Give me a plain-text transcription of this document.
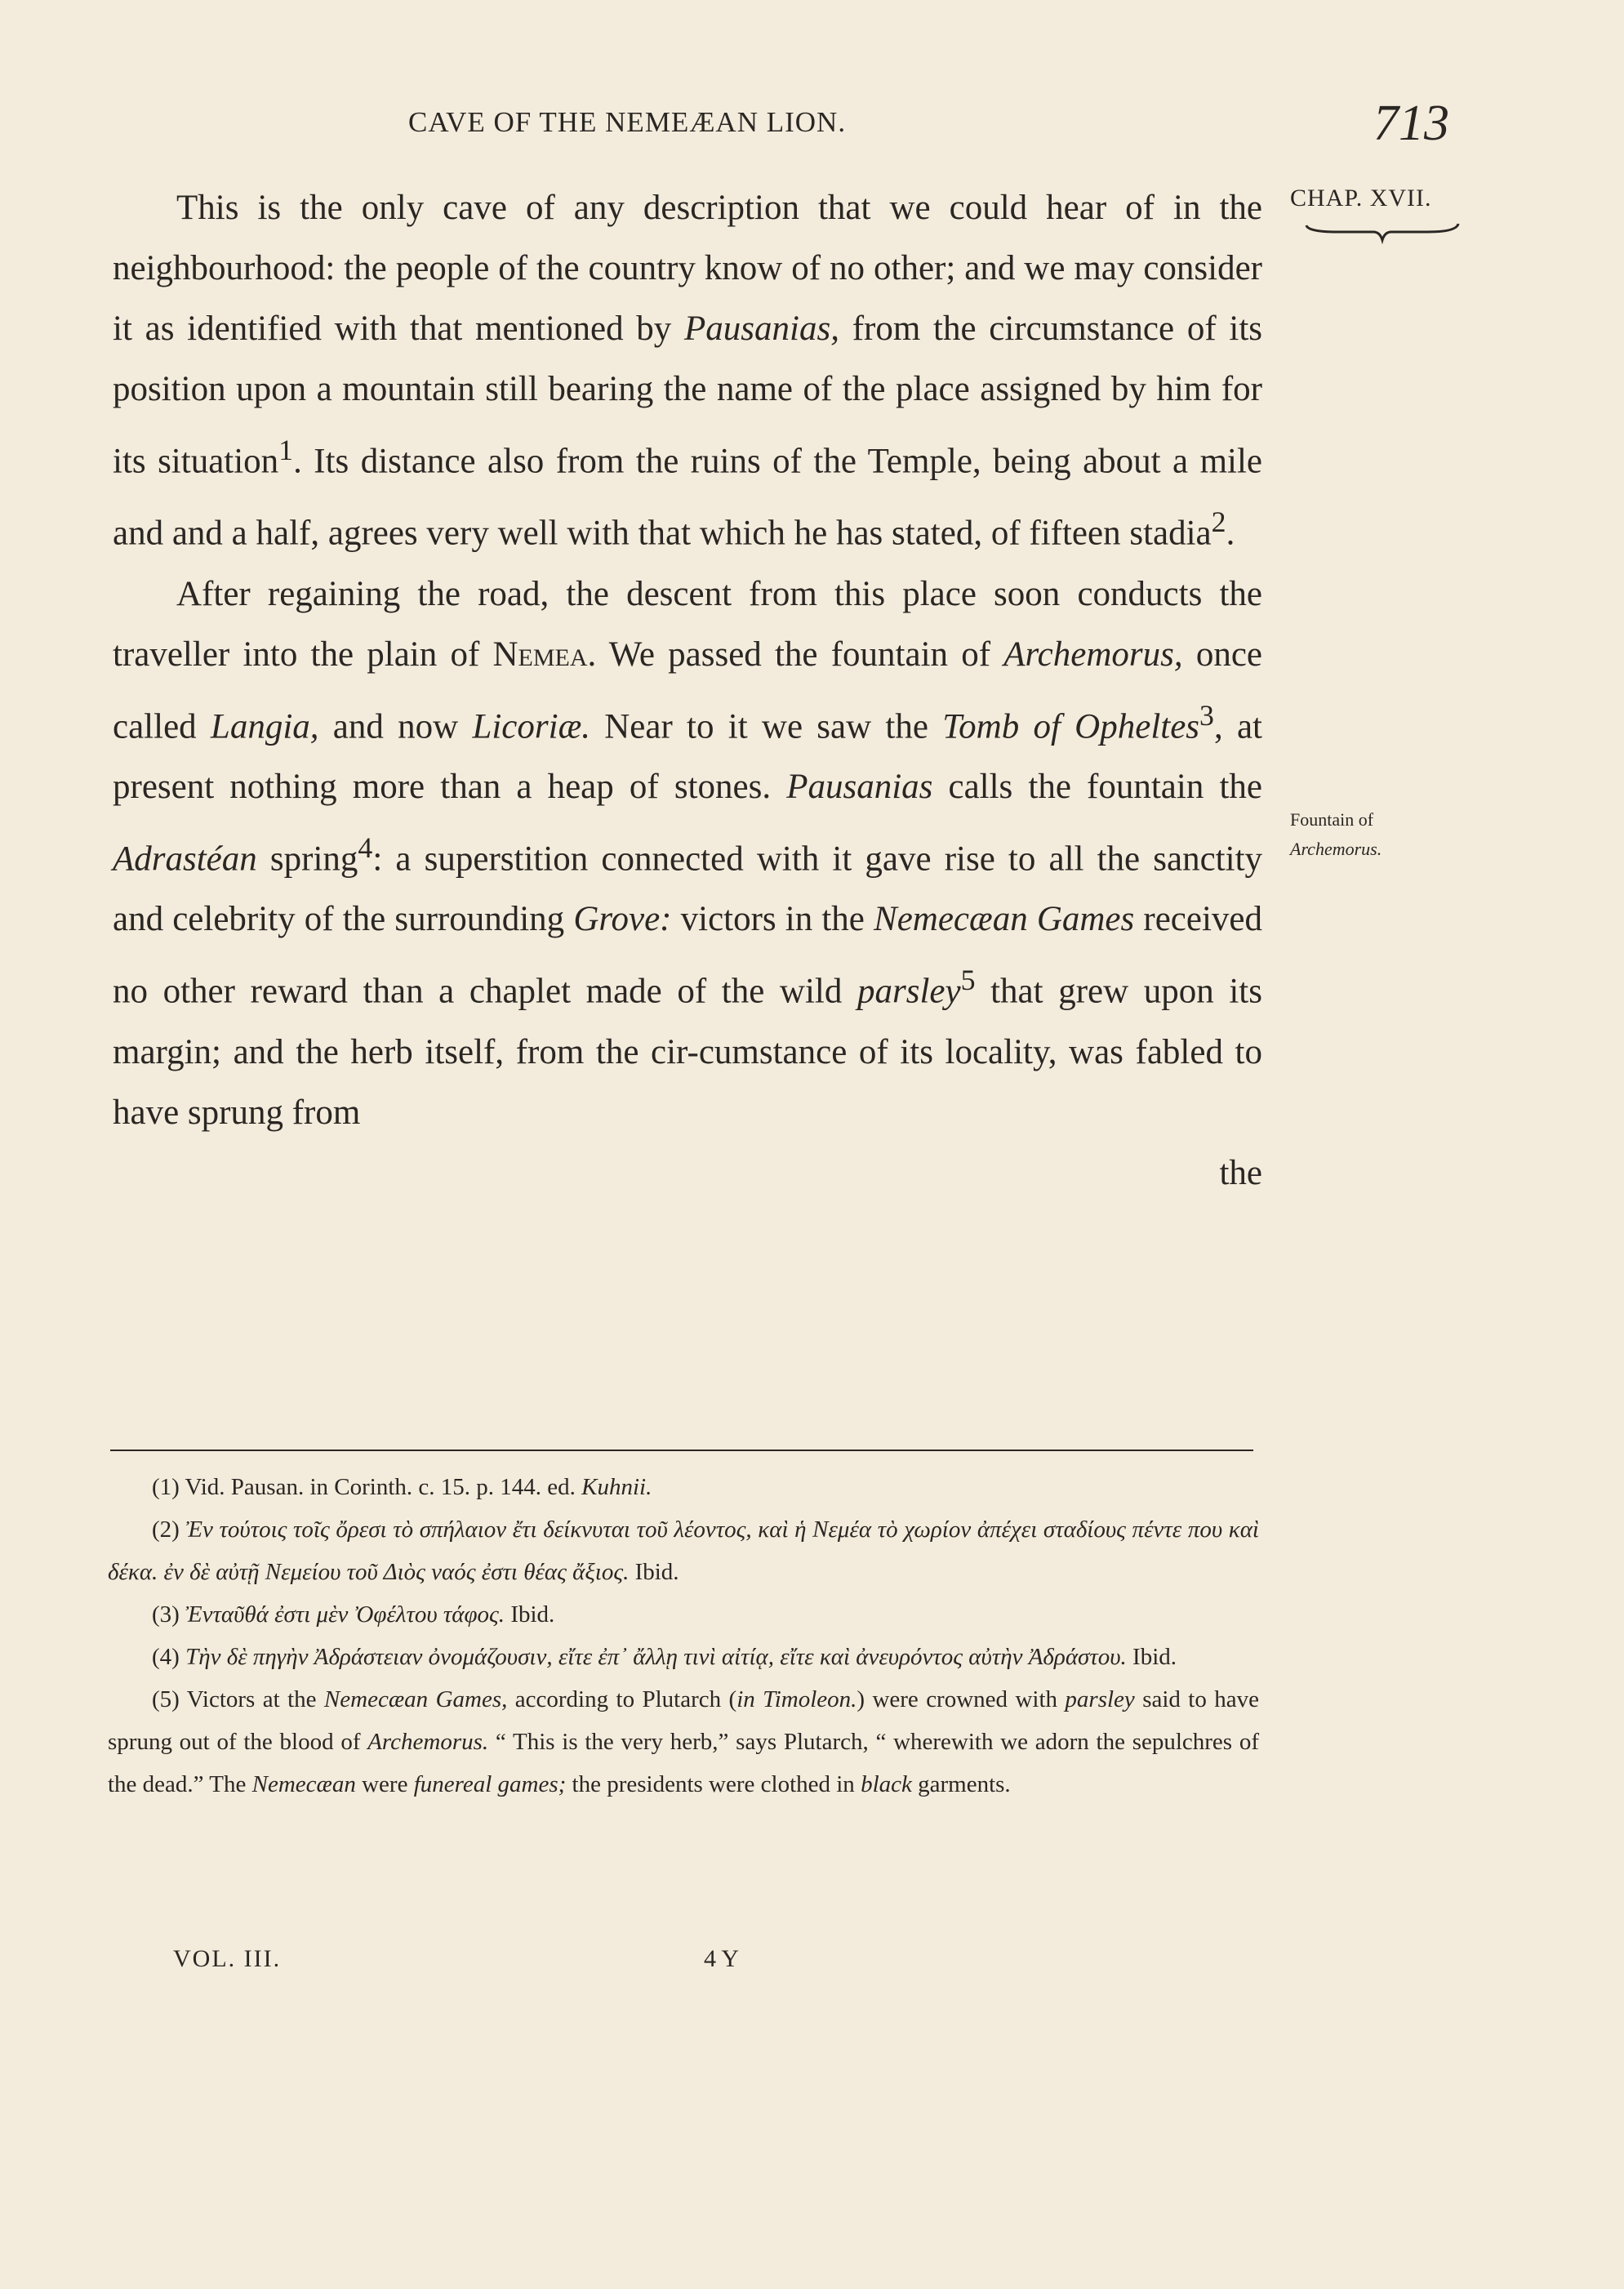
CAVE OF THE NEMEÆAN LION.	713
CHAP. XVII.

This is the only cave of any description that we could hear of in the neighbourhood: the people of the country know of no other; and we may consider it as identified with that mentioned by Pausanias, from the circumstance of its position upon a mountain still bearing the name of the place assigned by him for its situation$^1$. Its distance also from the ruins of the Temple, being about a mile and and a half, agrees very well with that which he has stated, of fifteen stadia$^2$.

After regaining the road, the descent from this place soon conducts the traveller into the plain of Nemea. We passed the fountain of Archemorus, once called Langia, and now Licoriæ. Near to it we saw the Tomb of Opheltes$^3$, at present nothing more than a heap of stones. Pausanias calls the fountain the Adrastéan spring$^4$: a superstition connected with it gave rise to all the sanctity and celebrity of the surrounding Grove: victors in the Nemecæan Games received no other reward than a chaplet made of the wild parsley$^5$ that grew upon its margin; and the herb itself, from the cir-cumstance of its locality, was fabled to have sprung from

the

Fountain of
Archemorus.

(1) Vid. Pausan. in Corinth. c. 15. p. 144. ed. Kuhnii.

(2) Ἐν τούτοις τοῖς ὄρεσι τὸ σπήλαιον ἔτι δείκνυται τοῦ λέοντος, καὶ ἡ Νεμέα τὸ χωρίον ἀπέχει σταδίους πέντε που καὶ δέκα. ἐν δὲ αὐτῇ Νεμείου τοῦ Διὸς ναός ἐστι θέας ἄξιος. Ibid.

(3) Ἐνταῦθά ἐστι μὲν Ὀφέλτου τάφος. Ibid.

(4) Τὴν δὲ πηγὴν Ἀδράστειαν ὀνομάζουσιν, εἴτε ἐπ᾽ ἄλλῃ τινὶ αἰτίᾳ, εἴτε καὶ ἀνευρόντος αὐτὴν Ἀδράστου. Ibid.

(5) Victors at the Nemecæan Games, according to Plutarch (in Timoleon.) were crowned with parsley said to have sprung out of the blood of Archemorus. “ This is the very herb,” says Plutarch, “ wherewith we adorn the sepulchres of the dead.” The Nemecæan were funereal games; the presidents were clothed in black garments.

VOL. III.	4 Y
